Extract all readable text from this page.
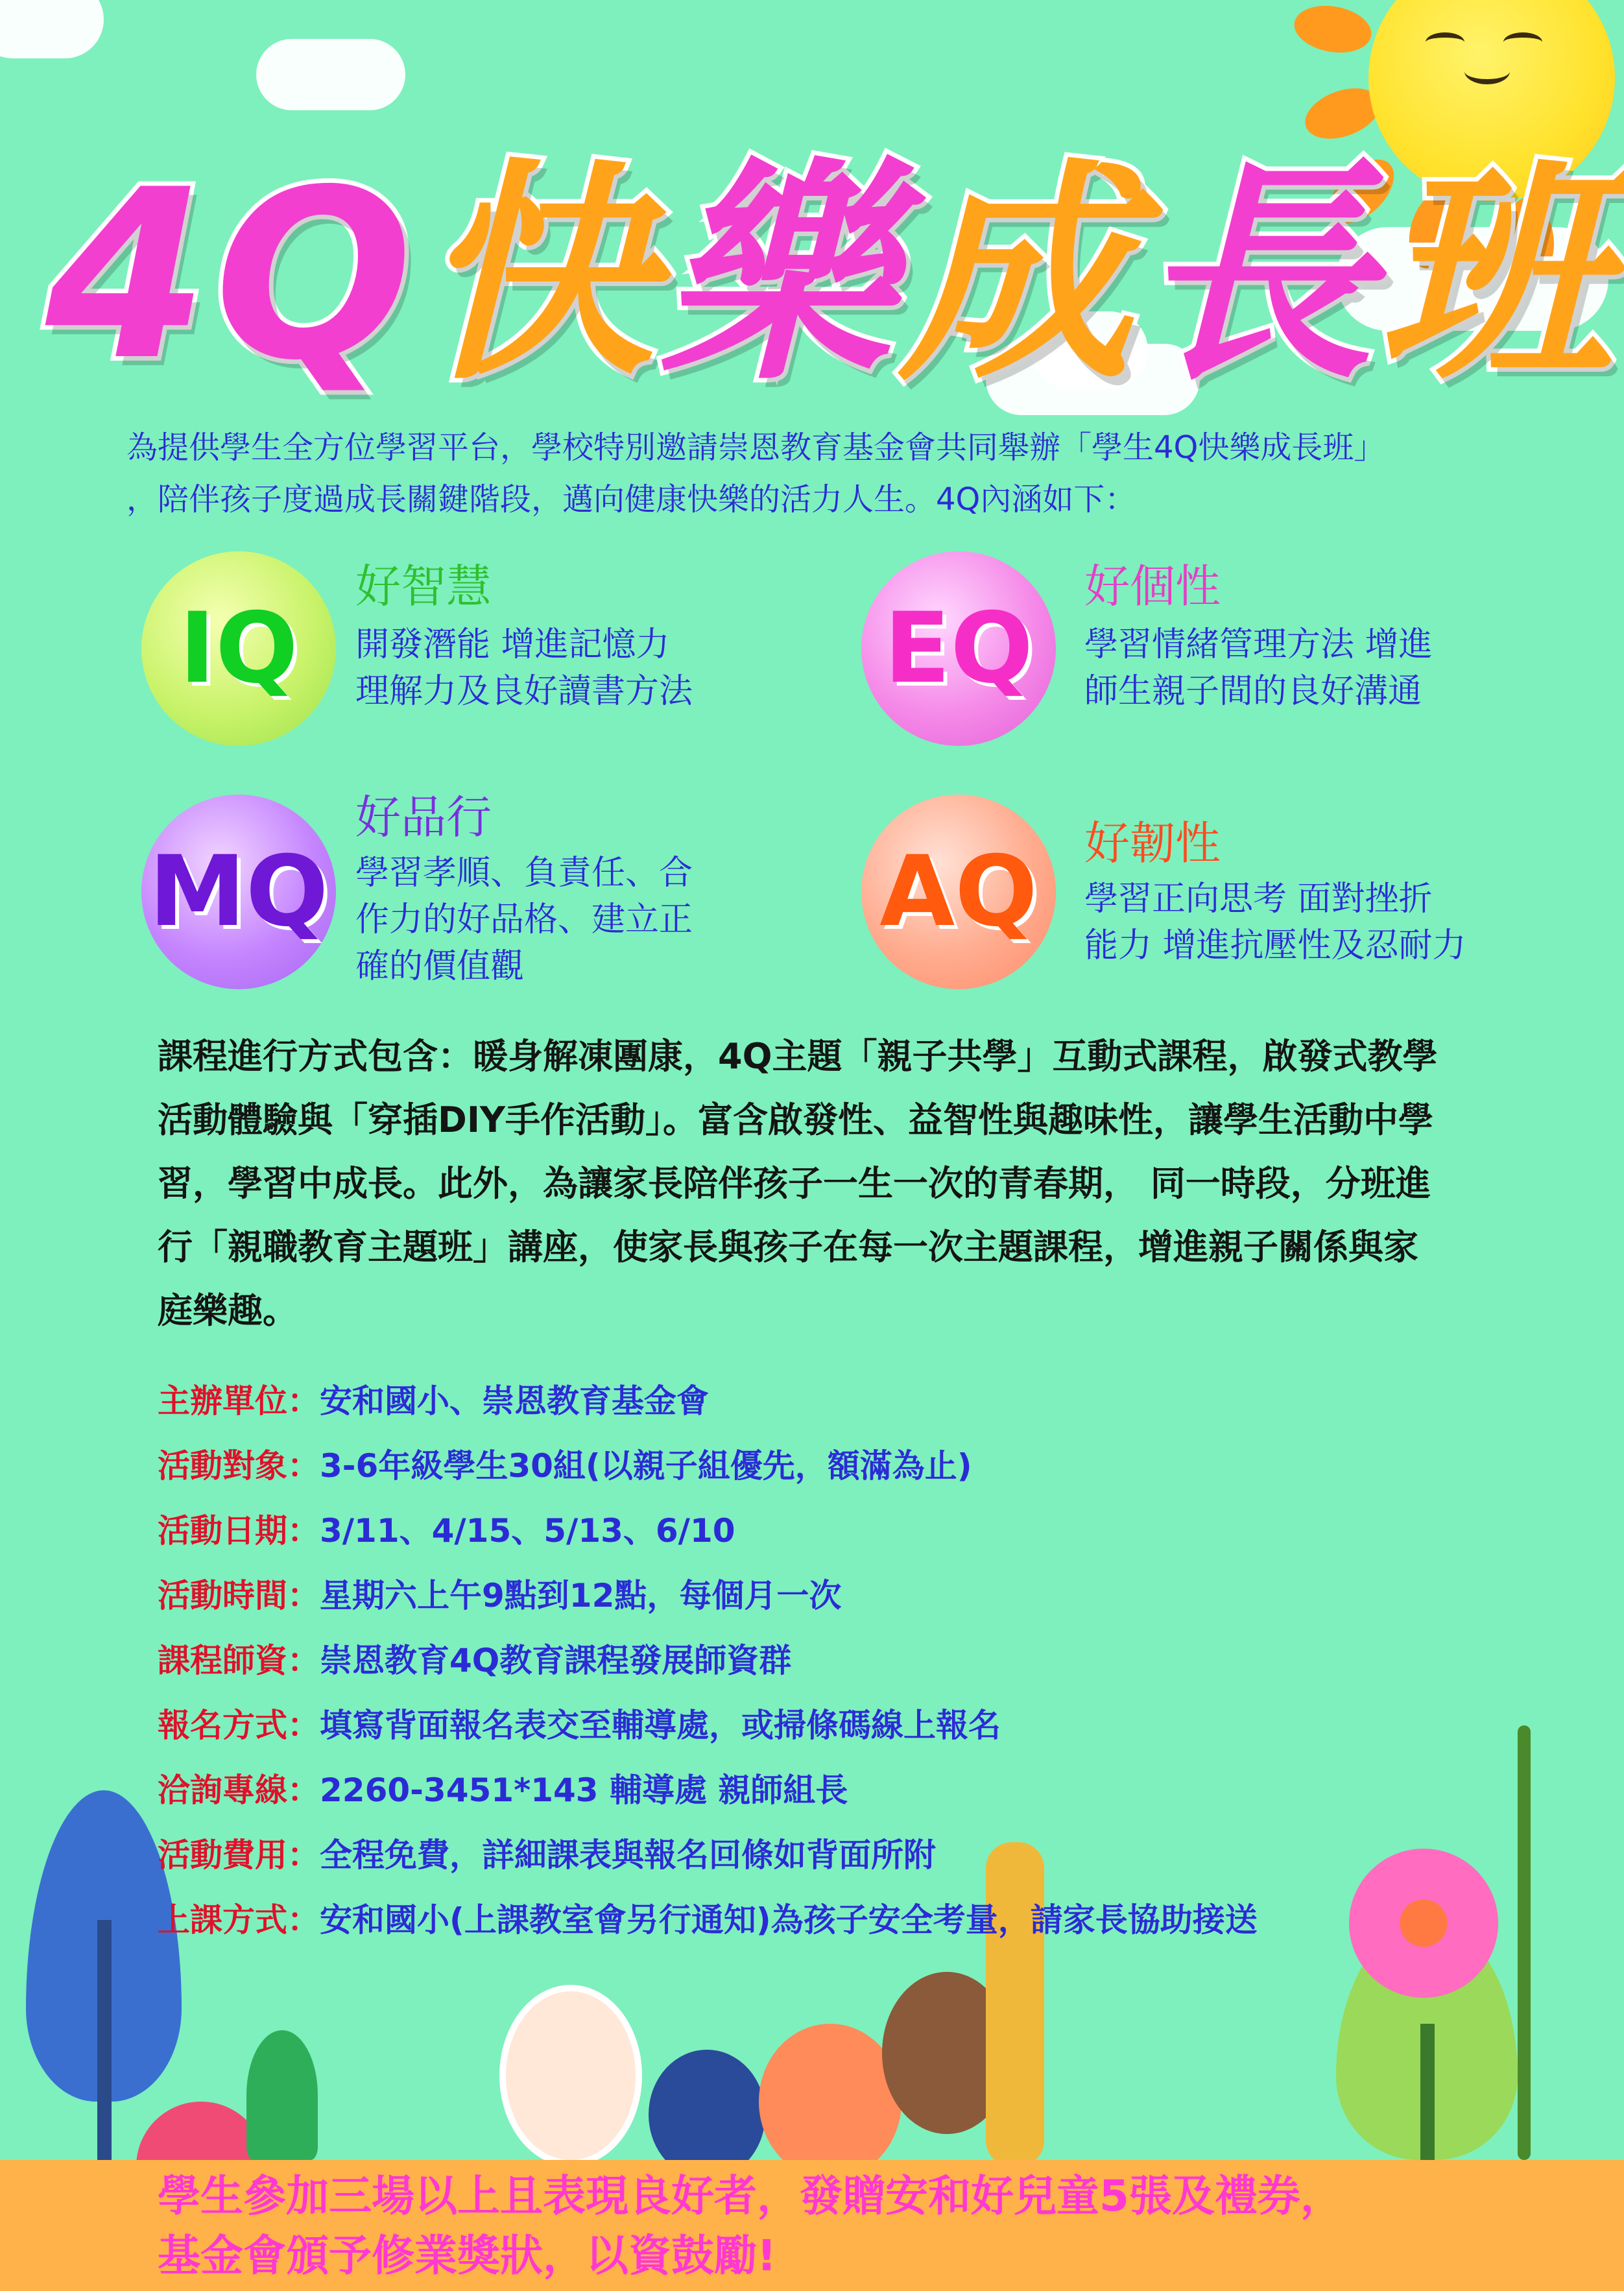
4 Q 快 樂 成 長 班
為提供學生全方位學習平台，學校特別邀請崇恩教育基金會共同舉辦「學生4Q快樂成長班」
，陪伴孩子度過成長關鍵階段，邁向健康快樂的活力人生。4Q內涵如下：
IQ
好智慧
開發潛能 增進記憶力
理解力及良好讀書方法 EQ
好個性
學習情緒管理方法 增進
師生親子間的良好溝通
MQ
好品行
學習孝順、負責任、合
作力的好品格、建立正
確的價值觀
AQ 好韌性
學習正向思考 面對挫折
能力 增進抗壓性及忍耐力
課程進行方式包含：暖身解凍團康，4Q主題「親子共學」互動式課程，啟發式教學
活動體驗與「穿插DIY手作活動」。富含啟發性、益智性與趣味性，讓學生活動中學
習，學習中成長。此外，為讓家長陪伴孩子一生一次的青春期， 同一時段，分班進
行「親職教育主題班」講座，使家長與孩子在每一次主題課程，增進親子關係與家
庭樂趣。
主辦單位：安和國小、崇恩教育基金會
活動對象：3-6年級學生30組(以親子組優先，額滿為止)
活動日期：3/11、4/15、5/13、6/10
活動時間：星期六上午9點到12點，每個月一次
課程師資：崇恩教育4Q教育課程發展師資群
報名方式：填寫背面報名表交至輔導處，或掃條碼線上報名
洽詢專線：2260-3451*143 輔導處 親師組長
活動費用：全程免費，詳細課表與報名回條如背面所附
上課方式：安和國小(上課教室會另行通知)為孩子安全考量，請家長協助接送
學生參加三場以上且表現良好者，發贈安和好兒童5張及禮券，
基金會頒予修業獎狀，以資鼓勵!
